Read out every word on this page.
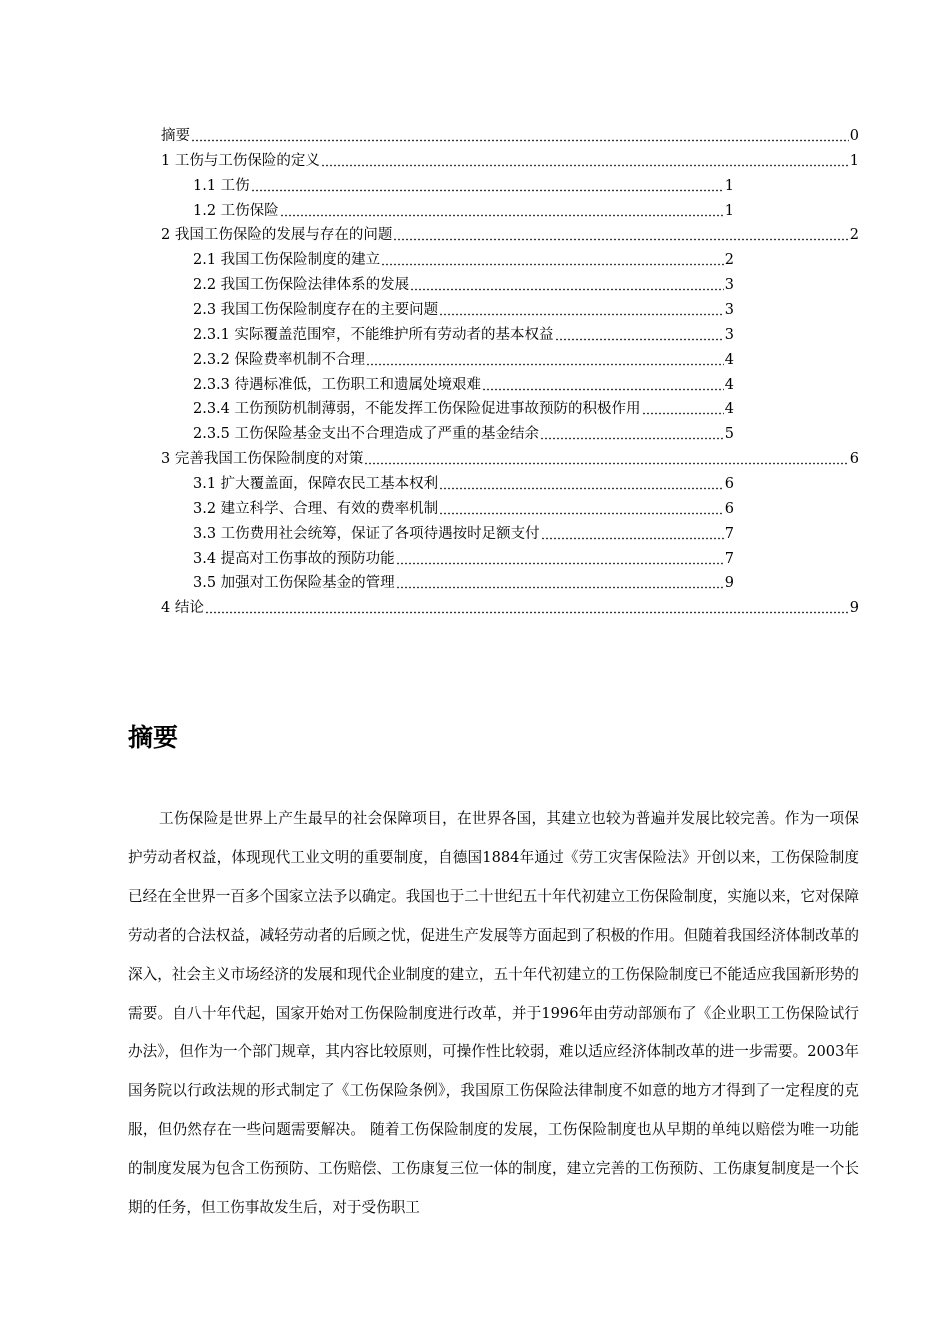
摘要	0
1 工伤与工伤保险的定义	1
1.1 工伤	1
1.2 工伤保险	1
2 我国工伤保险的发展与存在的问题	2
2.1 我国工伤保险制度的建立	2
2.2 我国工伤保险法律体系的发展	3
2.3 我国工伤保险制度存在的主要问题	3
2.3.1 实际覆盖范围窄，不能维护所有劳动者的基本权益	3
2.3.2 保险费率机制不合理	4
2.3.3 待遇标准低，工伤职工和遗属处境艰难	4
2.3.4 工伤预防机制薄弱，不能发挥工伤保险促进事故预防的积极作用	4
2.3.5 工伤保险基金支出不合理造成了严重的基金结余	5
3 完善我国工伤保险制度的对策	6
3.1 扩大覆盖面，保障农民工基本权利	6
3.2 建立科学、合理、有效的费率机制	6
3.3 工伤费用社会统筹，保证了各项待遇按时足额支付	7
3.4 提高对工伤事故的预防功能	7
3.5 加强对工伤保险基金的管理	9
4 结论	9
摘要

工伤保险是世界上产生最早的社会保障项目，在世界各国，其建立也较为普遍并发展比较完善。作为一项保护劳动者权益，体现现代工业文明的重要制度，自德国1884年通过《劳工灾害保险法》开创以来，工伤保险制度已经在全世界一百多个国家立法予以确定。我国也于二十世纪五十年代初建立工伤保险制度，实施以来，它对保障劳动者的合法权益，减轻劳动者的后顾之忧，促进生产发展等方面起到了积极的作用。但随着我国经济体制改革的深入，社会主义市场经济的发展和现代企业制度的建立，五十年代初建立的工伤保险制度已不能适应我国新形势的需要。自八十年代起，国家开始对工伤保险制度进行改革，并于1996年由劳动部颁布了《企业职工工伤保险试行办法》，但作为一个部门规章，其内容比较原则，可操作性比较弱，难以适应经济体制改革的进一步需要。2003年国务院以行政法规的形式制定了《工伤保险条例》，我国原工伤保险法律制度不如意的地方才得到了一定程度的克服，但仍然存在一些问题需要解决。 随着工伤保险制度的发展，工伤保险制度也从早期的单纯以赔偿为唯一功能的制度发展为包含工伤预防、工伤赔偿、工伤康复三位一体的制度，建立完善的工伤预防、工伤康复制度是一个长期的任务，但工伤事故发生后，对于受伤职工
